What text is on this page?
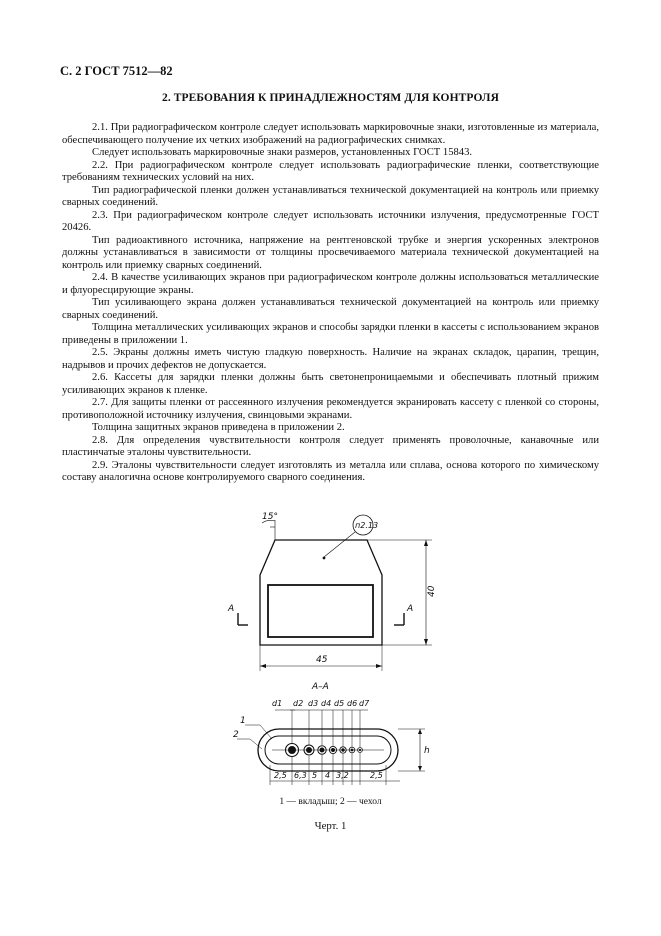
С. 2 ГОСТ 7512—82
2. ТРЕБОВАНИЯ К ПРИНАДЛЕЖНОСТЯМ ДЛЯ КОНТРОЛЯ

2.1. При радиографическом контроле следует использовать маркировочные знаки, изготовленные из материала, обеспечивающего получение их четких изображений на радиографических снимках.

Следует использовать маркировочные знаки размеров, установленных ГОСТ 15843.

2.2. При радиографическом контроле следует использовать радиографические пленки, соответствующие требованиям технических условий на них.

Тип радиографической пленки должен устанавливаться технической документацией на контроль или приемку сварных соединений.

2.3. При радиографическом контроле следует использовать источники излучения, предусмотренные ГОСТ 20426.

Тип радиоактивного источника, напряжение на рентгеновской трубке и энергия ускоренных электронов должны устанавливаться в зависимости от толщины просвечиваемого материала технической документацией на контроль или приемку сварных соединений.

2.4. В качестве усиливающих экранов при радиографическом контроле должны использоваться металлические и флуоресцирующие экраны.

Тип усиливающего экрана должен устанавливаться технической документацией на контроль или приемку сварных соединений.

Толщина металлических усиливающих экранов и способы зарядки пленки в кассеты с использованием экранов приведены в приложении 1.

2.5. Экраны должны иметь чистую гладкую поверхность. Наличие на экранах складок, царапин, трещин, надрывов и прочих дефектов не допускается.

2.6. Кассеты для зарядки пленки должны быть светонепроницаемыми и обеспечивать плотный прижим усиливающих экранов к пленке.

2.7. Для защиты пленки от рассеянного излучения рекомендуется экранировать кассету с пленкой со стороны, противоположной источнику излучения, свинцовыми экранами.

Толщина защитных экранов приведена в приложении 2.

2.8. Для определения чувствительности контроля следует применять проволочные, канавочные или пластинчатые эталоны чувствительности.

2.9. Эталоны чувствительности следует изготовлять из металла или сплава, основа которого по химическому составу аналогична основе контролируемого сварного соединения.

15°
п2.13
40
45
А	А
А–А
d1 d2 d3 d4 d5 d6 d7
1
2
h
2,5 6,3 5 4 3,2	2,5
1 — вкладыш; 2 — чехол
Черт. 1
